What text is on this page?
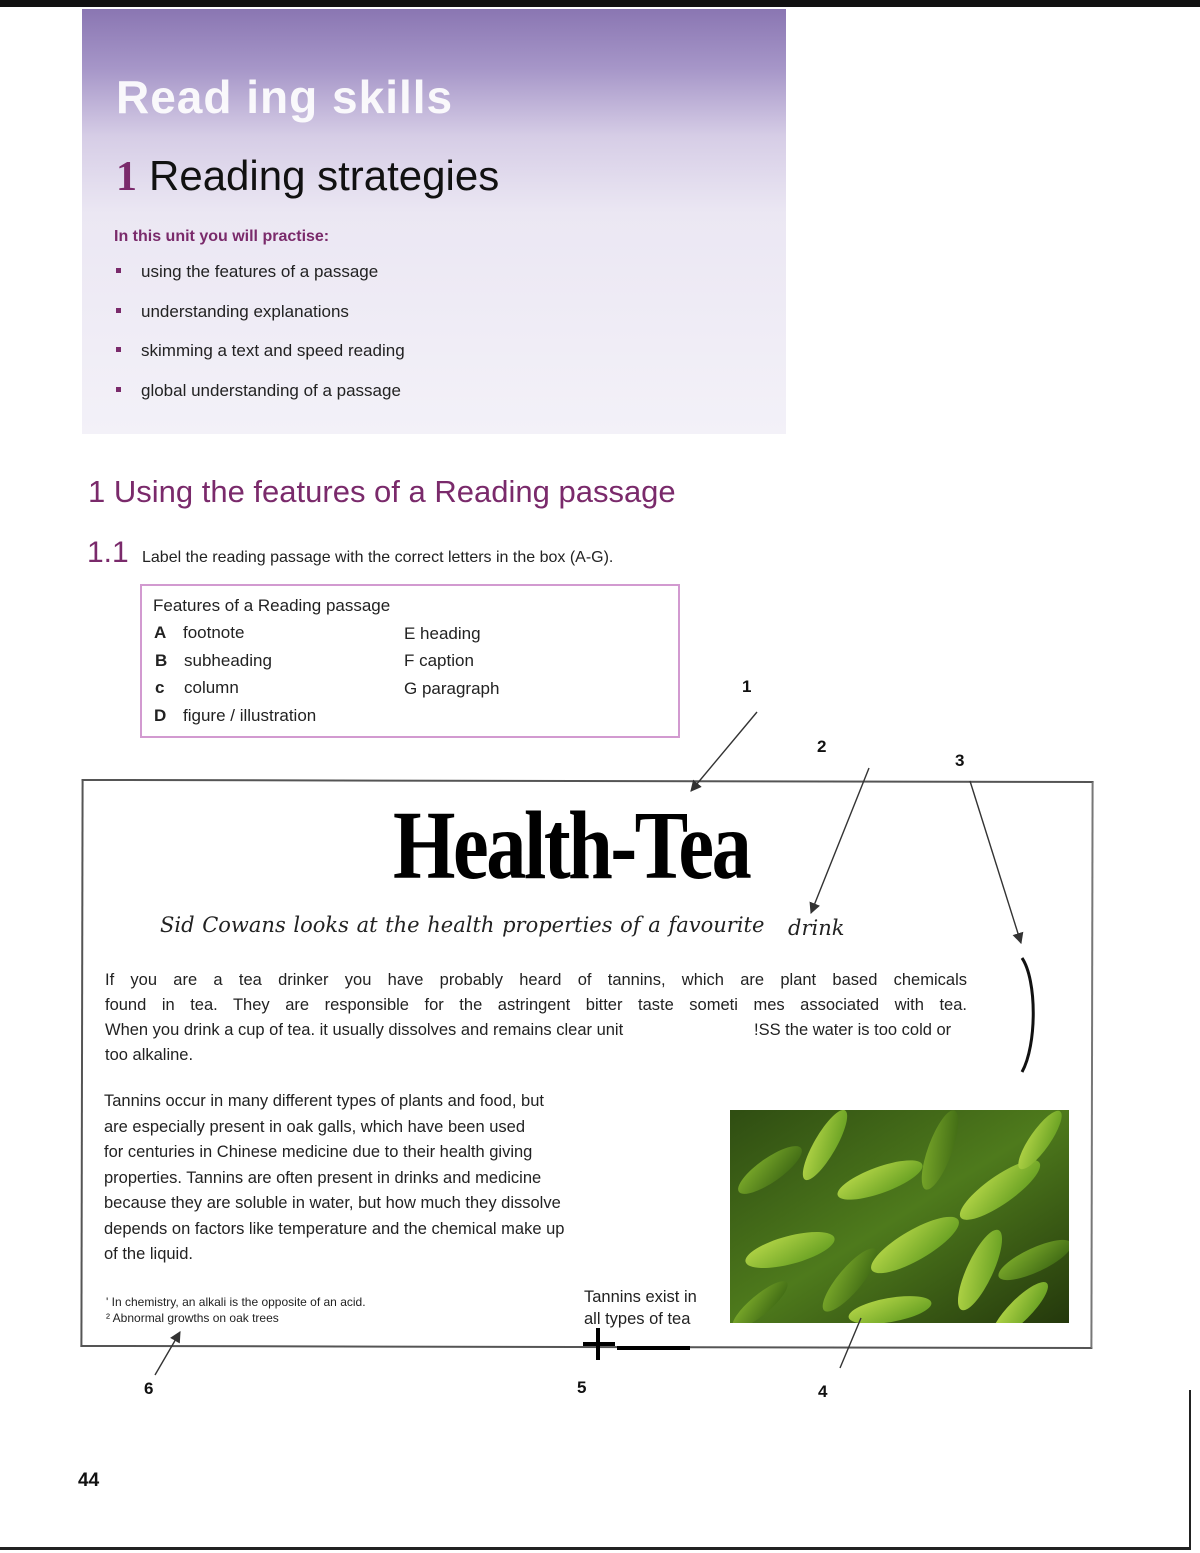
Read ing skills
1 Reading strategies
In this unit you will practise:
using the features of a passage
understanding explanations
skimming a text and speed reading
global understanding of a passage
1 Using the features of a Reading passage
1.1 Label the reading passage with the correct letters in the box (A-G).
Features of a Reading passage
A footnote
B subheading
c column
D figure / illustration
E heading
F caption
G paragraph
Health-Tea
Sid Cowans looks at the health properties of a favourite drink
If you are a tea drinker you have probably heard of tannins, which are plant based chemicals
found in tea. They are responsible for the astringent bitter taste someti mes associated with tea.
When you drink a cup of tea. it usually dissolves and remains clear unit	!SS the water is too cold or
too alkaline.
Tannins occur in many different types of plants and food, but
are especially present in oak galls, which have been used
for centuries in Chinese medicine due to their health giving
properties. Tannins are often present in drinks and medicine
because they are soluble in water, but how much they dissolve
depends on factors like temperature and the chemical make up
of the liquid.
' In chemistry, an alkali is the opposite of an acid.
² Abnormal growths on oak trees
Tannins exist in
all types of tea
1
2
3
4
5
6
44
